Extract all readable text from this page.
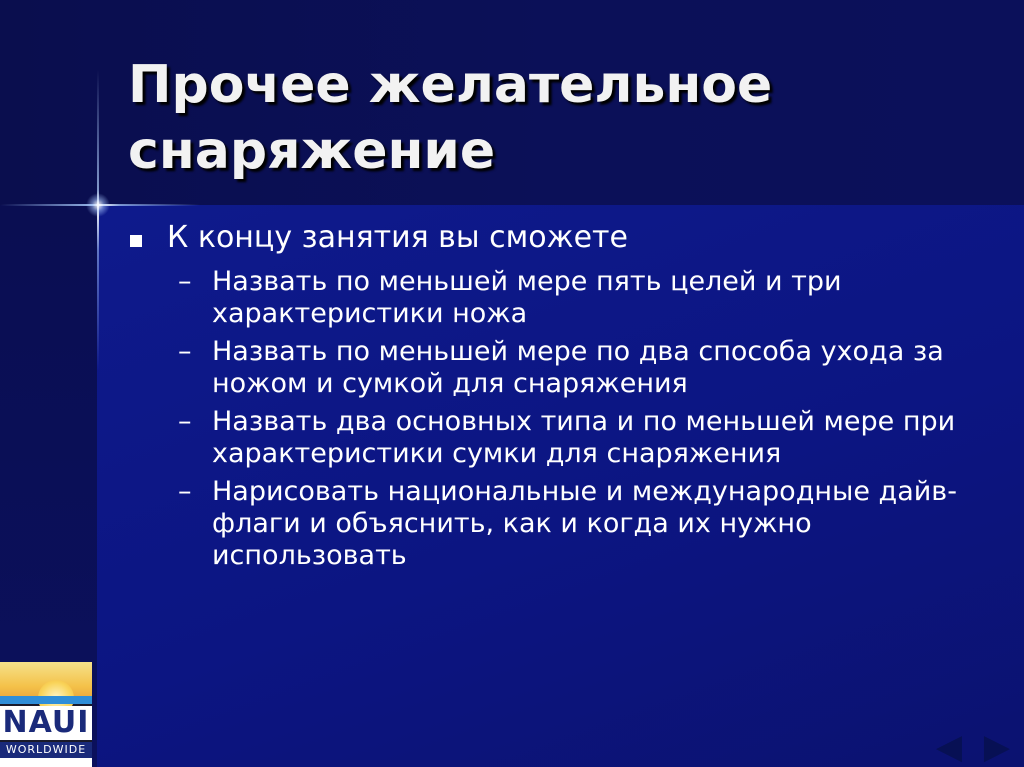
Прочее желательное снаряжение
К концу занятия вы сможете
– Назвать по меньшей мере пять целей и три характеристики ножа
– Назвать по меньшей мере по два способа ухода за ножом и сумкой для снаряжения
– Назвать два основных типа и по меньшей мере при характеристики сумки для снаряжения
– Нарисовать национальные и международные дайв-флаги и объяснить, как и когда их нужно использовать
NAUI
WORLDWIDE	◀ ▶
